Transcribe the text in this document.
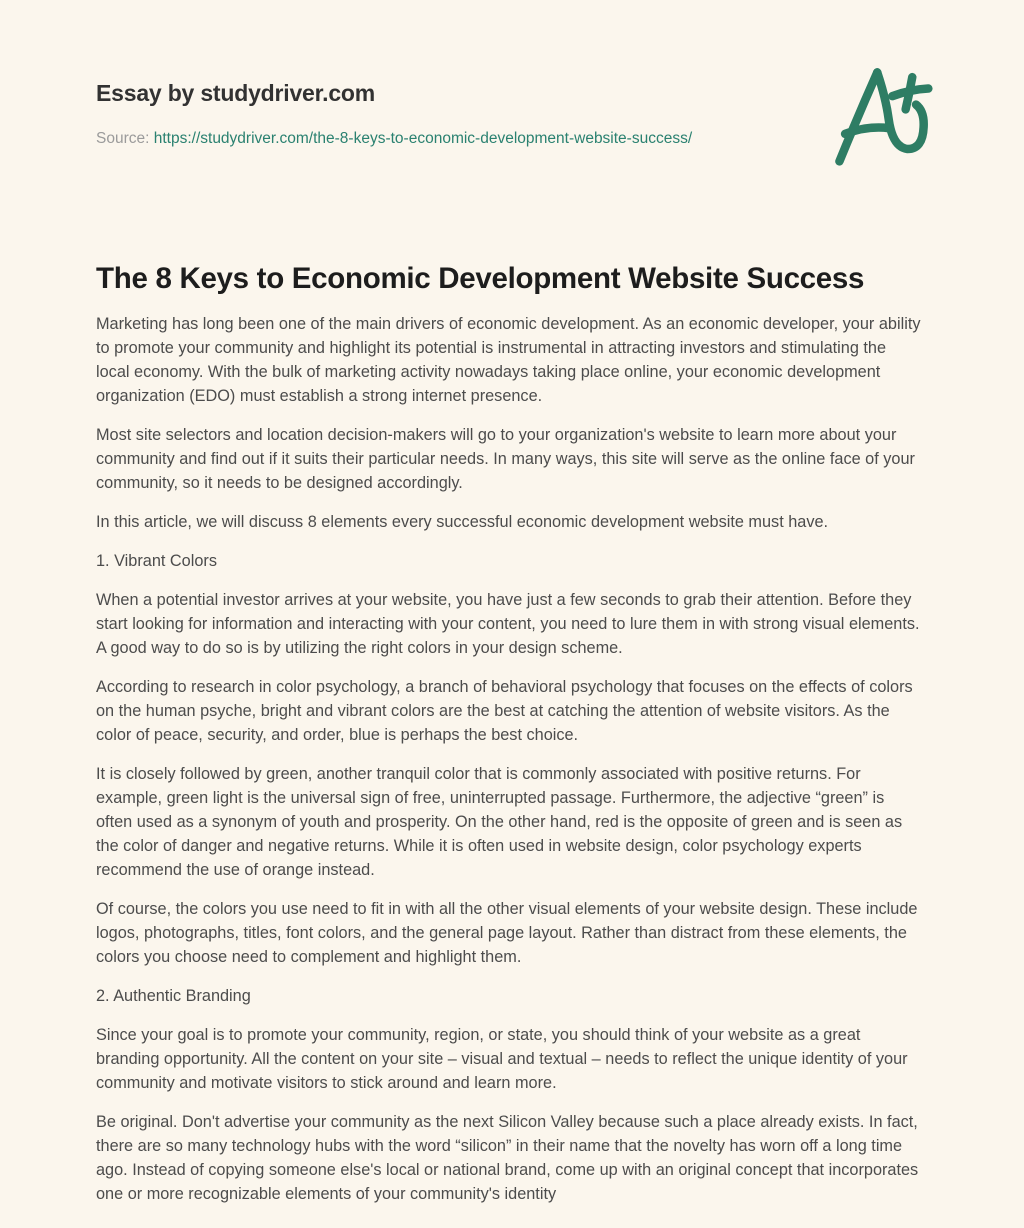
Essay by studydriver.com
Source: https://studydriver.com/the-8-keys-to-economic-development-website-success/
The 8 Keys to Economic Development Website Success

Marketing has long been one of the main drivers of economic development. As an economic developer, your ability to promote your community and highlight its potential is instrumental in attracting investors and stimulating the local economy. With the bulk of marketing activity nowadays taking place online, your economic development organization (EDO) must establish a strong internet presence.

Most site selectors and location decision-makers will go to your organization's website to learn more about your community and find out if it suits their particular needs. In many ways, this site will serve as the online face of your community, so it needs to be designed accordingly.

In this article, we will discuss 8 elements every successful economic development website must have.

1. Vibrant Colors

When a potential investor arrives at your website, you have just a few seconds to grab their attention. Before they start looking for information and interacting with your content, you need to lure them in with strong visual elements. A good way to do so is by utilizing the right colors in your design scheme.

According to research in color psychology, a branch of behavioral psychology that focuses on the effects of colors on the human psyche, bright and vibrant colors are the best at catching the attention of website visitors. As the color of peace, security, and order, blue is perhaps the best choice.

It is closely followed by green, another tranquil color that is commonly associated with positive returns. For example, green light is the universal sign of free, uninterrupted passage. Furthermore, the adjective “green” is often used as a synonym of youth and prosperity. On the other hand, red is the opposite of green and is seen as the color of danger and negative returns. While it is often used in website design, color psychology experts recommend the use of orange instead.

Of course, the colors you use need to fit in with all the other visual elements of your website design. These include logos, photographs, titles, font colors, and the general page layout. Rather than distract from these elements, the colors you choose need to complement and highlight them.

2. Authentic Branding

Since your goal is to promote your community, region, or state, you should think of your website as a great branding opportunity. All the content on your site – visual and textual – needs to reflect the unique identity of your community and motivate visitors to stick around and learn more.

Be original. Don't advertise your community as the next Silicon Valley because such a place already exists. In fact, there are so many technology hubs with the word “silicon” in their name that the novelty has worn off a long time ago. Instead of copying someone else's local or national brand, come up with an original concept that incorporates one or more recognizable elements of your community's identity
